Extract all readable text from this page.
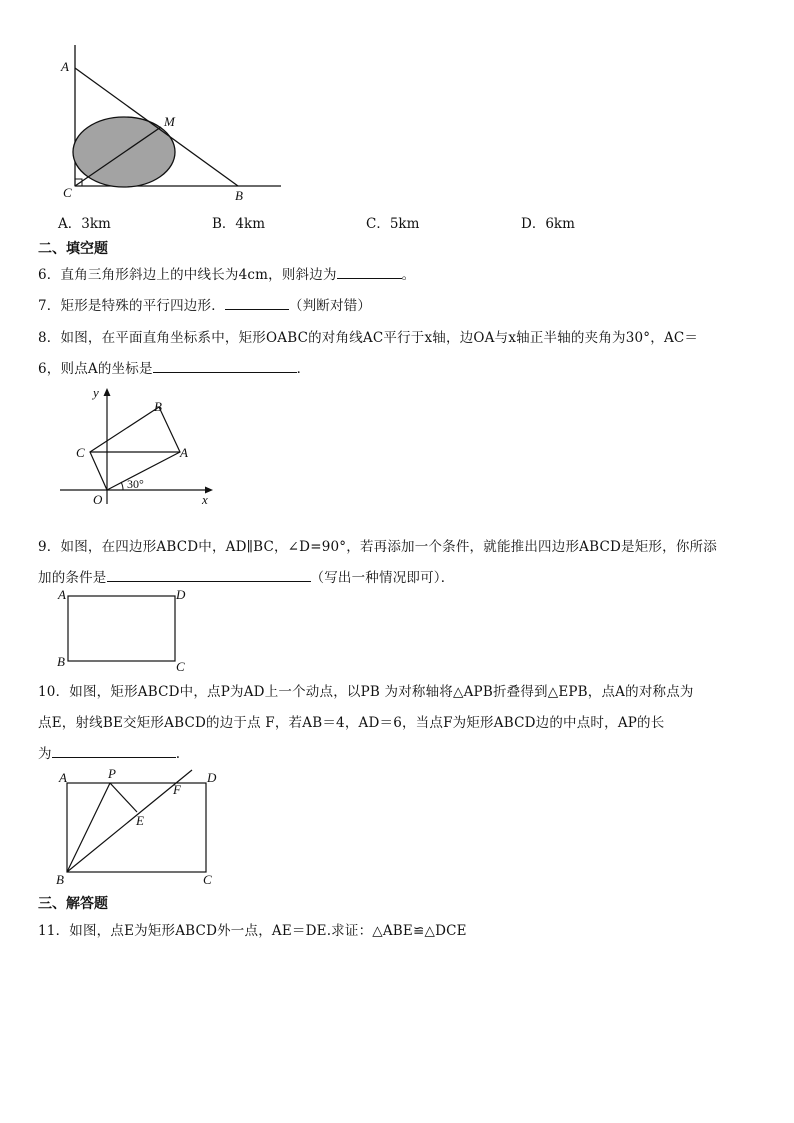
A
M
C	B
A．3km	B．4km	C．5km	D．6km
二、填空题
6．直角三角形斜边上的中线长为4cm，则斜边为	。
7．矩形是特殊的平行四边形．	（判断对错）
8．如图，在平面直角坐标系中，矩形OABC的对角线AC平行于x轴，边OA与x轴正半轴的夹角为30°，AC＝
6，则点A的坐标是	．
y
B
C	A
O	x
30°
9．如图，在四边形ABCD中，AD∥BC，∠D=90°，若再添加一个条件，就能推出四边形ABCD是矩形，你所添
加的条件是	（写出一种情况即可）．
A	D
B	C
10．如图，矩形ABCD中，点P为AD上一个动点，以PB 为对称轴将△APB折叠得到△EPB，点A的对称点为
点E，射线BE交矩形ABCD的边于点 F，若AB＝4，AD＝6，当点F为矩形ABCD边的中点时，AP的长
为	.
A	P	D
F
E
B	C
三、解答题
11．如图，点E为矩形ABCD外一点，AE＝DE.求证：△ABE≌△DCE
